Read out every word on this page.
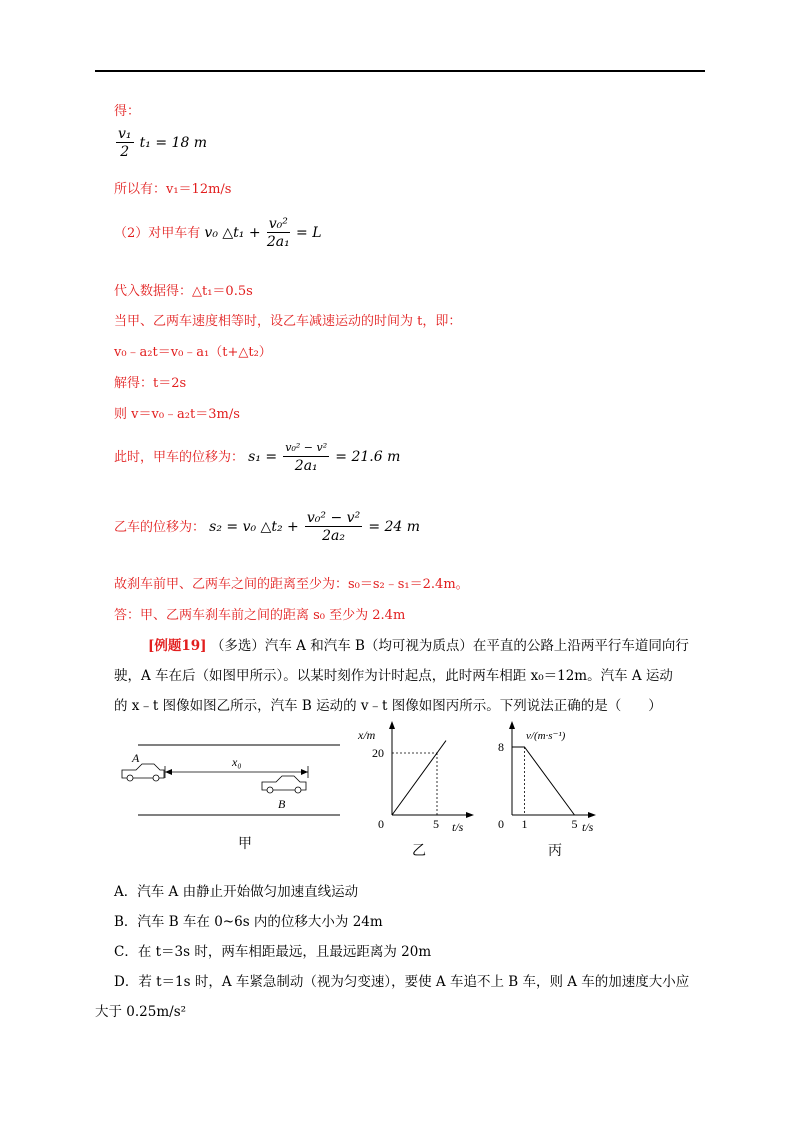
得：
$\frac{\text{v₁}}{2} t_1 = 18$ m
所以有：v₁＝12m/s
（2）对甲车有 v₀ △t₁ + $\frac{\text{v₀²}}{\text{2a₁}} = L$
代入数据得：△t₁＝0.5s
当甲、乙两车速度相等时，设乙车减速运动的时间为 t，即：
v₀﹣a₂t＝v₀﹣a₁（t+△t₂）
解得：t＝2s
则 v＝v₀﹣a₂t＝3m/s
此时，甲车的位移为： $s_1 = \frac{\text{v₀² − v²}}{\text{2a₁}} = 21.6$ m
乙车的位移为： s₂ = v₀ △t₂ + $\frac{\text{v₀² − v²}}{\text{2a₂}} = 24$ m
故刹车前甲、乙两车之间的距离至少为：s₀＝s₂﹣s₁＝2.4m。
答：甲、乙两车刹车前之间的距离 s₀ 至少为 2.4m
[例题19] （多选）汽车 A 和汽车 B（均可视为质点）在平直的公路上沿两平行车道同向行
驶，A 车在后（如图甲所示）。以某时刻作为计时起点，此时两车相距 x₀＝12m。汽车 A 运动
的 x﹣t 图像如图乙所示，汽车 B 运动的 v﹣t 图像如图丙所示。下列说法正确的是（　　）
A	x₀
B
甲
x/m
t/s
0
20
5
乙
v/(m·s⁻¹)
t/s
0
8
1	5
丙
A．汽车 A 由静止开始做匀加速直线运动
B．汽车 B 车在 0~6s 内的位移大小为 24m
C．在 t＝3s 时，两车相距最远，且最远距离为 20m
D．若 t＝1s 时，A 车紧急制动（视为匀变速），要使 A 车追不上 B 车，则 A 车的加速度大小应
大于 0.25m/s²
